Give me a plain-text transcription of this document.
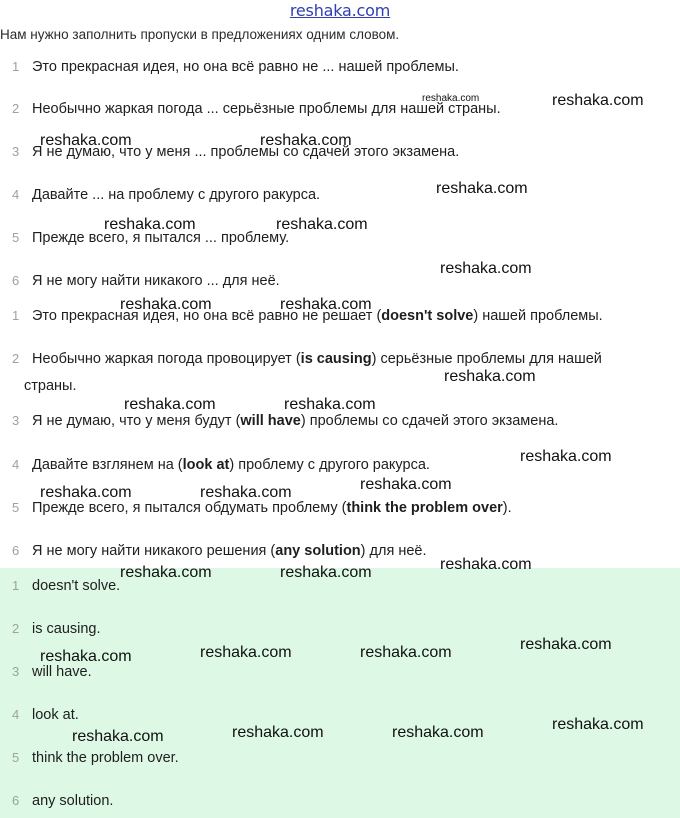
reshaka.com
Нам нужно заполнить пропуски в предложениях одним словом.
1 Это прекрасная идея, но она всё равно не ... нашей проблемы.
2 Необычно жаркая погода ... серьёзные проблемы для нашей страны.
3 Я не думаю, что у меня ... проблемы со сдачей этого экзамена.
4 Давайте ... на проблему с другого ракурса.
5 Прежде всего, я пытался ... проблему.
6 Я не могу найти никакого ... для неё.
1 Это прекрасная идея, но она всё равно не решает (doesn't solve) нашей проблемы.
2 Необычно жаркая погода провоцирует (is causing) серьёзные проблемы для нашей
страны.
3 Я не думаю, что у меня будут (will have) проблемы со сдачей этого экзамена.
4 Давайте взглянем на (look at) проблему с другого ракурса.
5 Прежде всего, я пытался обдумать проблему (think the problem over).
6 Я не могу найти никакого решения (any solution) для неё.
1 doesn't solve.
2 is causing.
3 will have.
4 look at.
5 think the problem over.
6 any solution.
reshaka.com	reshaka.com
reshaka.com	reshaka.com
reshaka.com
reshaka.com	reshaka.com
reshaka.com
reshaka.com	reshaka.com
reshaka.com
reshaka.com	reshaka.com
reshaka.com
reshaka.com
reshaka.com	reshaka.com
reshaka.com
reshaka.com	reshaka.com
reshaka.com
reshaka.com	reshaka.com
reshaka.com
reshaka.com
reshaka.com	reshaka.com
reshaka.com
